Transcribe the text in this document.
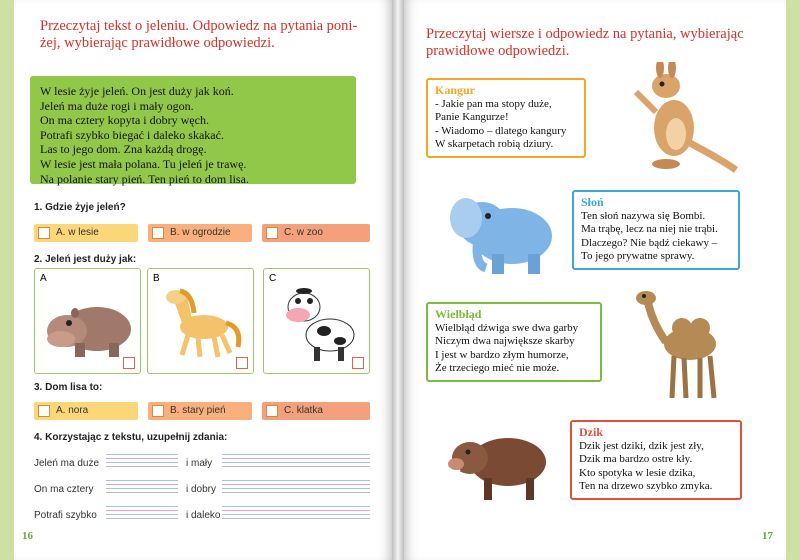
Przeczytaj tekst o jeleniu. Odpowiedz na pytania poni-
żej, wybierając prawidłowe odpowiedzi.
W lesie żyje jeleń. On jest duży jak koń.
Jeleń ma duże rogi i mały ogon.
On ma cztery kopyta i dobry węch.
Potrafi szybko biegać i daleko skakać.
Las to jego dom. Zna każdą drogę.
W lesie jest mała polana. Tu jeleń je trawę.
Na polanie stary pień. Ten pień to dom lisa.
1. Gdzie żyje jeleń?
A. w lesie	B. w ogrodzie	C. w zoo
2. Jeleń jest duży jak:
A	B	C
3. Dom lisa to:
A. nora	B. stary pień	C. klatka
4. Korzystając z tekstu, uzupełnij zdania:
Jeleń ma duże	i mały
On ma cztery	i dobry
Potrafi szybko	i daleko
16
Przeczytaj wiersze i odpowiedz na pytania, wybierając
prawidłowe odpowiedzi.
Kangur
- Jakie pan ma stopy duże,
Panie Kangurze!
- Wiadomo – dlatego kangury
W skarpetach robią dziury.
Słoń
Ten słoń nazywa się Bombi.
Ma trąbę, lecz na niej nie trąbi.
Dlaczego? Nie bądź ciekawy –
To jego prywatne sprawy.
Wielbłąd
Wielbłąd dźwiga swe dwa garby
Niczym dwa największe skarby
I jest w bardzo złym humorze,
Że trzeciego mieć nie może.
Dzik
Dzik jest dziki, dzik jest zły,
Dzik ma bardzo ostre kły.
Kto spotyka w lesie dzika,
Ten na drzewo szybko zmyka.
17
